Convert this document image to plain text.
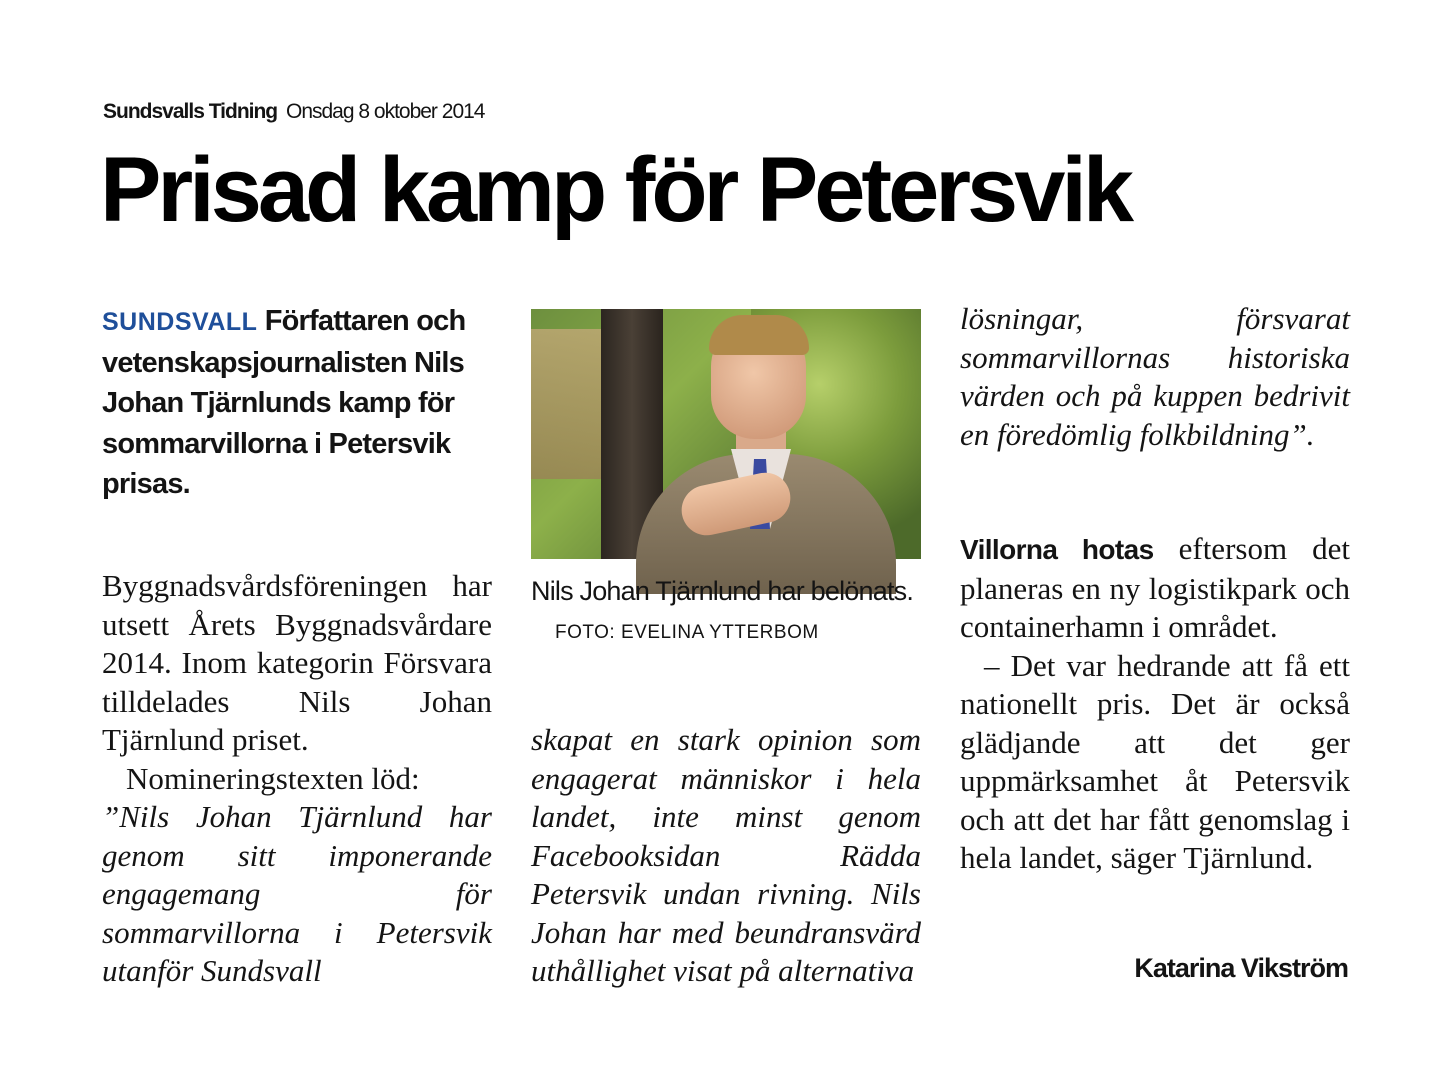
Sundsvalls Tidning Onsdag 8 oktober 2014
Prisad kamp för Petersvik

SUNDSVALL Författaren och vetenskapsjournalisten Nils Johan Tjärnlunds kamp för sommarvillorna i Petersvik prisas.

Byggnadsvårdsföreningen har utsett Årets Byggnadsvårdare 2014. Inom kategorin Försvara tilldelades Nils Johan Tjärnlund priset.

Nomineringstexten löd:

”Nils Johan Tjärnlund har genom sitt imponerande engagemang för sommarvillorna i Petersvik utanför Sundsvall

skapat en stark opinion som engagerat människor i hela landet, inte minst genom Facebooksidan Rädda Petersvik undan rivning. Nils Johan har med beundransvärd uthållighet visat på alternativa

lösningar, försvarat sommarvillornas historiska värden och på kuppen bedrivit en föredömlig folkbildning”.

Villorna hotas eftersom det planeras en ny logistikpark och containerhamn i området.

– Det var hedrande att få ett nationellt pris. Det är också glädjande att det ger uppmärksamhet åt Petersvik och att det har fått genomslag i hela landet, säger Tjärnlund.

Nils Johan Tjärnlund har belönats. FOTO: EVELINA YTTERBOM

Katarina Vikström
